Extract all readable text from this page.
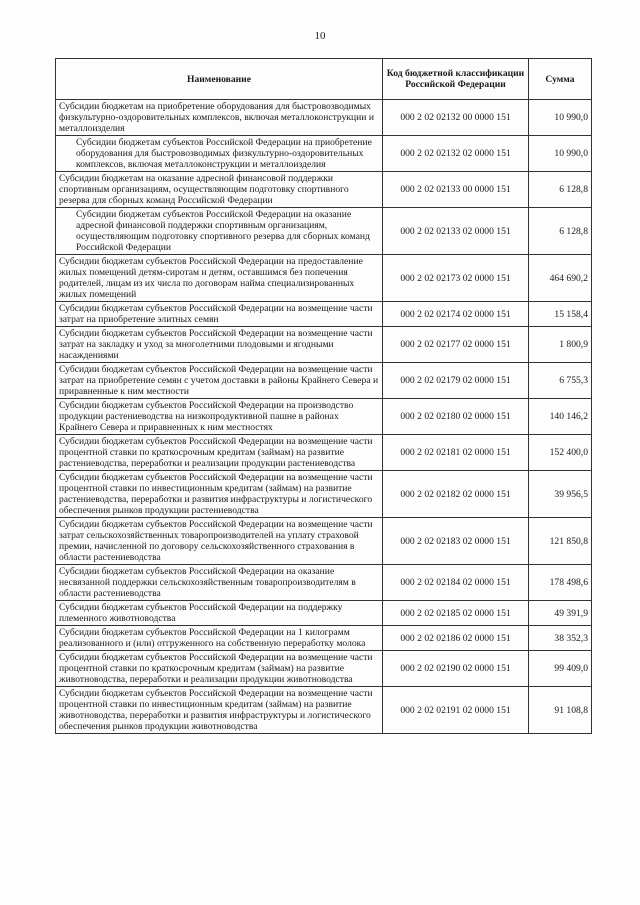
10
Наименование	Код бюджетной классификации Российской Федерации	Сумма
Субсидии бюджетам на приобретение оборудования для быстровозводимых физкультурно-оздоровительных комплексов, включая металлоконструкции и металлоизделия	000 2 02 02132 00 0000 151	10 990,0
Субсидии бюджетам субъектов Российской Федерации на приобретение оборудования для быстровозводимых физкультурно-оздоровительных комплексов, включая металлоконструкции и металлоизделия	000 2 02 02132 02 0000 151	10 990,0
Субсидии бюджетам на оказание адресной финансовой поддержки спортивным организациям, осуществляющим подготовку спортивного резерва для сборных команд Российской Федерации	000 2 02 02133 00 0000 151	6 128,8
Субсидии бюджетам субъектов Российской Федерации на оказание адресной финансовой поддержки спортивным организациям, осуществляющим подготовку спортивного резерва для сборных команд Российской Федерации	000 2 02 02133 02 0000 151	6 128,8
Субсидии бюджетам субъектов Российской Федерации на предоставление жилых помещений детям-сиротам и детям, оставшимся без попечения родителей, лицам из их числа по договорам найма специализированных жилых помещений	000 2 02 02173 02 0000 151	464 690,2
Субсидии бюджетам субъектов Российской Федерации на возмещение части затрат на приобретение элитных семян	000 2 02 02174 02 0000 151	15 158,4
Субсидии бюджетам субъектов Российской Федерации на возмещение части затрат на закладку и уход за многолетними плодовыми и ягодными насаждениями	000 2 02 02177 02 0000 151	1 800,9
Субсидии бюджетам субъектов Российской Федерации на возмещение части затрат на приобретение семян с учетом доставки в районы Крайнего Севера и приравненные к ним местности	000 2 02 02179 02 0000 151	6 755,3
Субсидии бюджетам субъектов Российской Федерации на производство продукции растениеводства на низкопродуктивной пашне в районах Крайнего Севера и приравненных к ним местностях	000 2 02 02180 02 0000 151	140 146,2
Субсидии бюджетам субъектов Российской Федерации на возмещение части процентной ставки по краткосрочным кредитам (займам) на развитие растениеводства, переработки и реализации продукции растениеводства	000 2 02 02181 02 0000 151	152 400,0
Субсидии бюджетам субъектов Российской Федерации на возмещение части процентной ставки по инвестиционным кредитам (займам) на развитие растениеводства, переработки и развития инфраструктуры и логистического обеспечения рынков продукции растениеводства	000 2 02 02182 02 0000 151	39 956,5
Субсидии бюджетам субъектов Российской Федерации на возмещение части затрат сельскохозяйственных товаропроизводителей на уплату страховой премии, начисленной по договору сельскохозяйственного страхования в области растениеводства	000 2 02 02183 02 0000 151	121 850,8
Субсидии бюджетам субъектов Российской Федерации на оказание несвязанной поддержки сельскохозяйственным товаропроизводителям в области растениеводства	000 2 02 02184 02 0000 151	178 498,6
Субсидии бюджетам субъектов Российской Федерации на поддержку племенного животноводства	000 2 02 02185 02 0000 151	49 391,9
Субсидии бюджетам субъектов Российской Федерации на 1 килограмм реализованного и (или) отгруженного на собственную переработку молока	000 2 02 02186 02 0000 151	38 352,3
Субсидии бюджетам субъектов Российской Федерации на возмещение части процентной ставки по краткосрочным кредитам (займам) на развитие животноводства, переработки и реализации продукции животноводства	000 2 02 02190 02 0000 151	99 409,0
Субсидии бюджетам субъектов Российской Федерации на возмещение части процентной ставки по инвестиционным кредитам (займам) на развитие животноводства, переработки и развития инфраструктуры и логистического обеспечения рынков продукции животноводства	000 2 02 02191 02 0000 151	91 108,8
